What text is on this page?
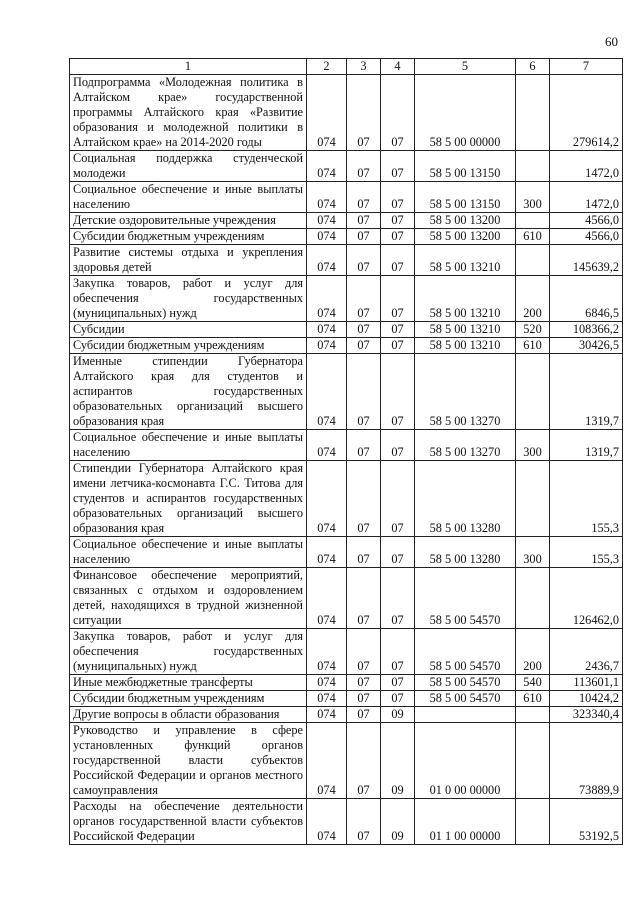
60
1	2	3	4	5	6	7
Подпрограмма «Молодежная политика в Алтайском крае» государственной программы Алтайского края «Развитие образования и молодежной политики в Алтайском крае» на 2014-2020 годы	074	07	07	58 5 00 00000		279614,2
Социальная поддержка студенческой молодежи	074	07	07	58 5 00 13150		1472,0
Социальное обеспечение и иные выплаты населению	074	07	07	58 5 00 13150	300	1472,0
Детские оздоровительные учреждения	074	07	07	58 5 00 13200		4566,0
Субсидии бюджетным учреждениям	074	07	07	58 5 00 13200	610	4566,0
Развитие системы отдыха и укрепления здоровья детей	074	07	07	58 5 00 13210		145639,2
Закупка товаров, работ и услуг для обеспечения государственных (муниципальных) нужд	074	07	07	58 5 00 13210	200	6846,5
Субсидии	074	07	07	58 5 00 13210	520	108366,2
Субсидии бюджетным учреждениям	074	07	07	58 5 00 13210	610	30426,5
Именные стипендии Губернатора Алтайского края для студентов и аспирантов государственных образовательных организаций высшего образования края	074	07	07	58 5 00 13270		1319,7
Социальное обеспечение и иные выплаты населению	074	07	07	58 5 00 13270	300	1319,7
Стипендии Губернатора Алтайского края имени летчика-космонавта Г.С. Титова для студентов и аспирантов государственных образовательных организаций высшего образования края	074	07	07	58 5 00 13280		155,3
Социальное обеспечение и иные выплаты населению	074	07	07	58 5 00 13280	300	155,3
Финансовое обеспечение мероприятий, связанных с отдыхом и оздоровлением детей, находящихся в трудной жизненной ситуации	074	07	07	58 5 00 54570		126462,0
Закупка товаров, работ и услуг для обеспечения государственных (муниципальных) нужд	074	07	07	58 5 00 54570	200	2436,7
Иные межбюджетные трансферты	074	07	07	58 5 00 54570	540	113601,1
Субсидии бюджетным учреждениям	074	07	07	58 5 00 54570	610	10424,2
Другие вопросы в области образования	074	07	09			323340,4
Руководство и управление в сфере установленных функций органов государственной власти субъектов Российской Федерации и органов местного самоуправления	074	07	09	01 0 00 00000		73889,9
Расходы на обеспечение деятельности органов государственной власти субъектов Российской Федерации	074	07	09	01 1 00 00000		53192,5
